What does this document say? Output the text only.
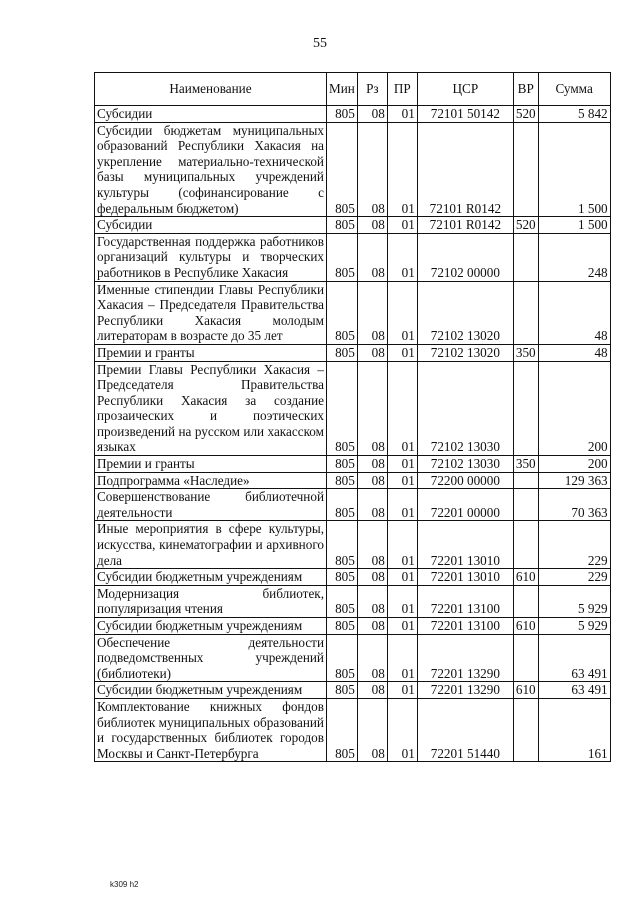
55
Наименование	Мин	Рз	ПР	ЦСР	ВР	Сумма
Субсидии	805	08	01	72101 50142	520	5 842
Субсидии бюджетам муниципальных образований Республики Хакасия на укрепление материально-технической базы муниципальных учреждений культуры (софинансирование с федеральным бюджетом)	805	08	01	72101 R0142		1 500
Субсидии	805	08	01	72101 R0142	520	1 500
Государственная поддержка работников организаций культуры и творческих работников в Республике Хакасия	805	08	01	72102 00000		248
Именные стипендии Главы Республики Хакасия – Председателя Правительства Республики Хакасия молодым литераторам в возрасте до 35 лет	805	08	01	72102 13020		48
Премии и гранты	805	08	01	72102 13020	350	48
Премии Главы Республики Хакасия – Председателя Правительства Республики Хакасия за создание прозаических и поэтических произведений на русском или хакасском языках	805	08	01	72102 13030		200
Премии и гранты	805	08	01	72102 13030	350	200
Подпрограмма «Наследие»	805	08	01	72200 00000		129 363
Совершенствование библиотечной деятельности	805	08	01	72201 00000		70 363
Иные мероприятия в сфере культуры, искусства, кинематографии и архивного дела	805	08	01	72201 13010		229
Субсидии бюджетным учреждениям	805	08	01	72201 13010	610	229
Модернизация библиотек, популяризация чтения	805	08	01	72201 13100		5 929
Субсидии бюджетным учреждениям	805	08	01	72201 13100	610	5 929
Обеспечение деятельности подведомственных учреждений (библиотеки)	805	08	01	72201 13290		63 491
Субсидии бюджетным учреждениям	805	08	01	72201 13290	610	63 491
Комплектование книжных фондов библиотек муниципальных образований и государственных библиотек городов Москвы и Санкт-Петербурга	805	08	01	72201 51440		161
k309 h2
